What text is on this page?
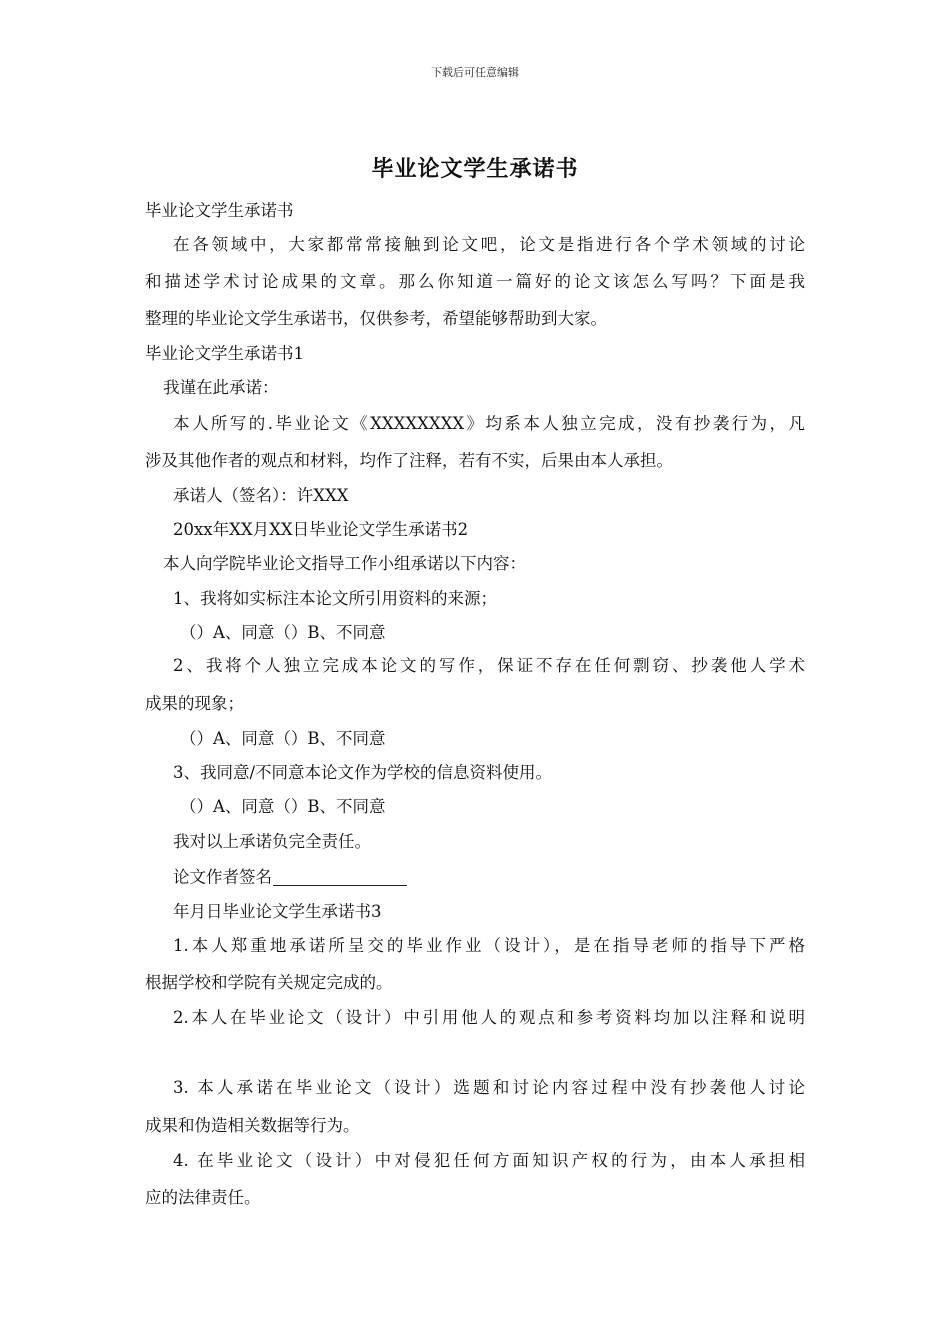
下载后可任意编辑
毕业论文学生承诺书
毕业论文学生承诺书
在各领域中，大家都常常接触到论文吧，论文是指进行各个学术领域的讨论
和描述学术讨论成果的文章。那么你知道一篇好的论文该怎么写吗？下面是我
整理的毕业论文学生承诺书，仅供参考，希望能够帮助到大家。
毕业论文学生承诺书1
我谨在此承诺：
本人所写的.毕业论文《XXXXXXXX》均系本人独立完成，没有抄袭行为，凡
涉及其他作者的观点和材料，均作了注释，若有不实，后果由本人承担。
承诺人（签名）：许XXX
20xx年XX月XX日毕业论文学生承诺书2
本人向学院毕业论文指导工作小组承诺以下内容：
1、我将如实标注本论文所引用资料的来源；
（）A、同意（）B、不同意
2、我将个人独立完成本论文的写作，保证不存在任何剽窃、抄袭他人学术
成果的现象；
（）A、同意（）B、不同意
3、我同意/不同意本论文作为学校的信息资料使用。
（）A、同意（）B、不同意
我对以上承诺负完全责任。
论文作者签名
年月日毕业论文学生承诺书3
1.本人郑重地承诺所呈交的毕业作业（设计），是在指导老师的指导下严格
根据学校和学院有关规定完成的。
2.本人在毕业论文（设计）中引用他人的观点和参考资料均加以注释和说明
3. 本人承诺在毕业论文（设计）选题和讨论内容过程中没有抄袭他人讨论
成果和伪造相关数据等行为。
4. 在毕业论文（设计）中对侵犯任何方面知识产权的行为，由本人承担相
应的法律责任。
